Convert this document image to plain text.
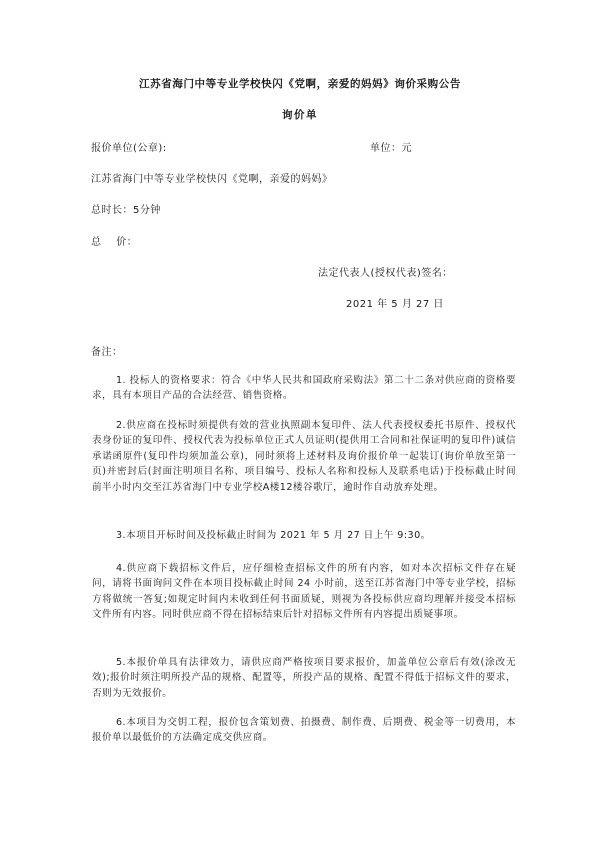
江苏省海门中等专业学校快闪《党啊，亲爱的妈妈》询价采购公告
询价单
报价单位(公章):	单位：元
江苏省海门中等专业学校快闪《党啊，亲爱的妈妈》
总时长：5分钟
总    价：
法定代表人(授权代表)签名：
2021 年 5 月 27 日
备注：
1. 投标人的资格要求：符合《中华人民共和国政府采购法》第二十二条对供应商的资格要求，具有本项目产品的合法经营、销售资格。
2.供应商在投标时须提供有效的营业执照副本复印件、法人代表授权委托书原件、授权代表身份证的复印件、授权代表为投标单位正式人员证明(提供用工合同和社保证明的复印件)诚信承诺函原件(复印件均须加盖公章)，同时须将上述材料及询价报价单一起装订(询价单放至第一页)并密封后(封面注明项目名称、项目编号、投标人名称和投标人及联系电话)于投标截止时间前半小时内交至江苏省海门中专业学校A楼12楼谷歌厅，逾时作自动放弃处理。
3.本项目开标时间及投标截止时间为 2021 年 5 月 27 日上午 9:30。
4.供应商下载招标文件后，应仔细检查招标文件的所有内容，如对本次招标文件存在疑问，请将书面询问文件在本项目投标截止时间 24 小时前，送至江苏省海门中等专业学校，招标方将做统一答复;如规定时间内未收到任何书面质疑，则视为各投标供应商均理解并接受本招标文件所有内容。同时供应商不得在招标结束后针对招标文件所有内容提出质疑事项。
5.本报价单具有法律效力，请供应商严格按项目要求报价，加盖单位公章后有效(涂改无效);报价时须注明所投产品的规格、配置等，所投产品的规格、配置不得低于招标文件的要求，否则为无效报价。
6.本项目为交钥工程，报价包含策划费、拍摄费、制作费、后期费、税金等一切费用，本报价单以最低价的方法确定成交供应商。
